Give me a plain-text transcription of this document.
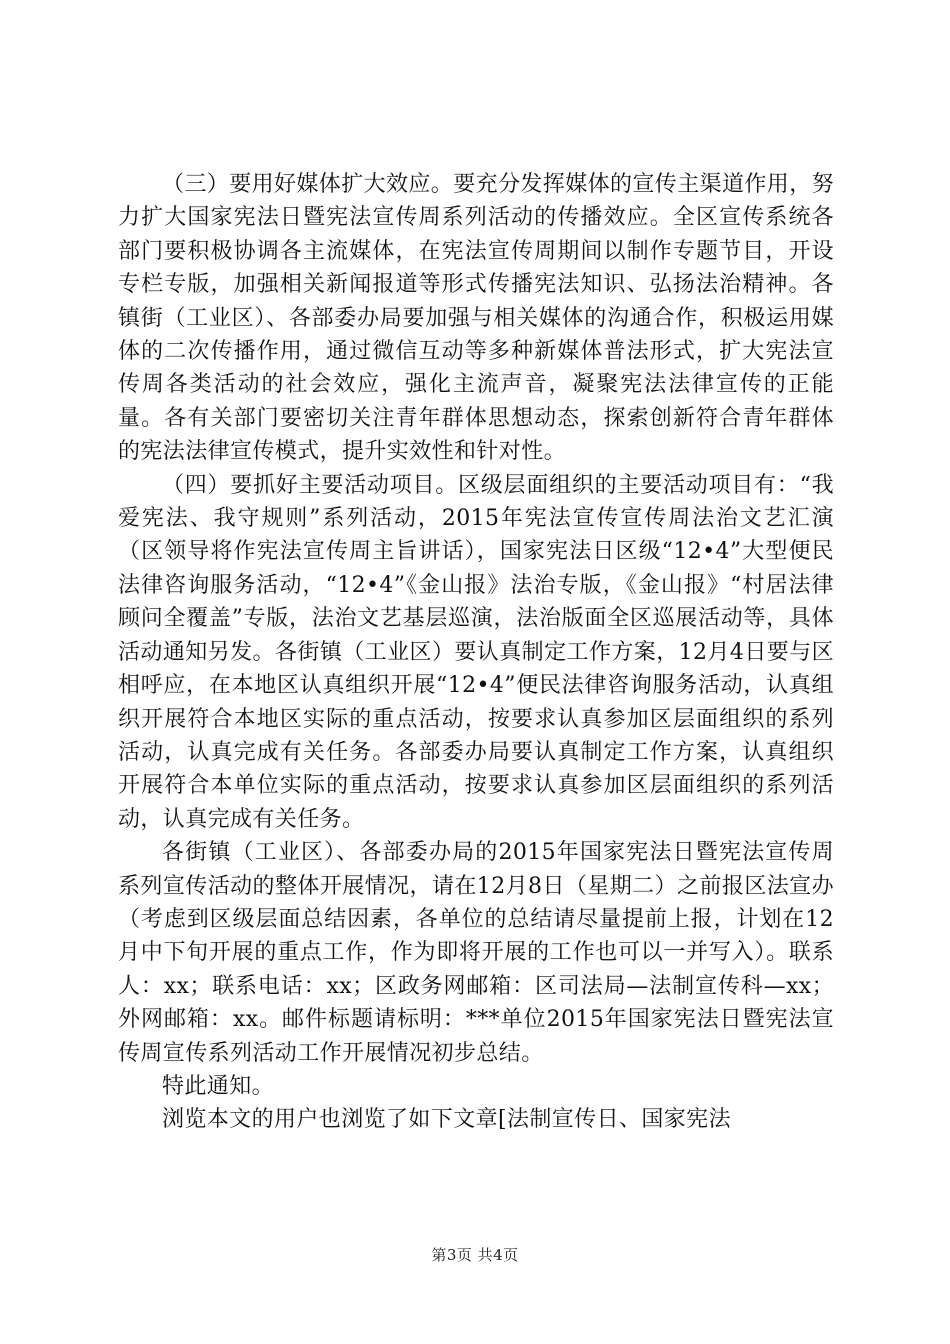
（三）要用好媒体扩大效应。要充分发挥媒体的宣传主渠道作用，努力扩大国家宪法日暨宪法宣传周系列活动的传播效应。全区宣传系统各部门要积极协调各主流媒体，在宪法宣传周期间以制作专题节目，开设专栏专版，加强相关新闻报道等形式传播宪法知识、弘扬法治精神。各镇街（工业区）、各部委办局要加强与相关媒体的沟通合作，积极运用媒体的二次传播作用，通过微信互动等多种新媒体普法形式，扩大宪法宣传周各类活动的社会效应，强化主流声音，凝聚宪法法律宣传的正能量。各有关部门要密切关注青年群体思想动态，探索创新符合青年群体的宪法法律宣传模式，提升实效性和针对性。

（四）要抓好主要活动项目。区级层面组织的主要活动项目有：“我爱宪法、我守规则”系列活动，2015年宪法宣传宣传周法治文艺汇演（区领导将作宪法宣传周主旨讲话），国家宪法日区级“12•4”大型便民法律咨询服务活动，“12•4”《金山报》法治专版，《金山报》“村居法律顾问全覆盖”专版，法治文艺基层巡演，法治版面全区巡展活动等，具体活动通知另发。各街镇（工业区）要认真制定工作方案，12月4日要与区相呼应，在本地区认真组织开展“12•4”便民法律咨询服务活动，认真组织开展符合本地区实际的重点活动，按要求认真参加区层面组织的系列活动，认真完成有关任务。各部委办局要认真制定工作方案，认真组织开展符合本单位实际的重点活动，按要求认真参加区层面组织的系列活动，认真完成有关任务。

各街镇（工业区）、各部委办局的2015年国家宪法日暨宪法宣传周系列宣传活动的整体开展情况，请在12月8日（星期二）之前报区法宣办（考虑到区级层面总结因素，各单位的总结请尽量提前上报，计划在12月中下旬开展的重点工作，作为即将开展的工作也可以一并写入）。联系人：xx；联系电话：xx；区政务网邮箱：区司法局—法制宣传科—xx；外网邮箱：xx。邮件标题请标明：***单位2015年国家宪法日暨宪法宣传周宣传系列活动工作开展情况初步总结。

特此通知。

浏览本文的用户也浏览了如下文章[法制宣传日、国家宪法

第3页 共4页
